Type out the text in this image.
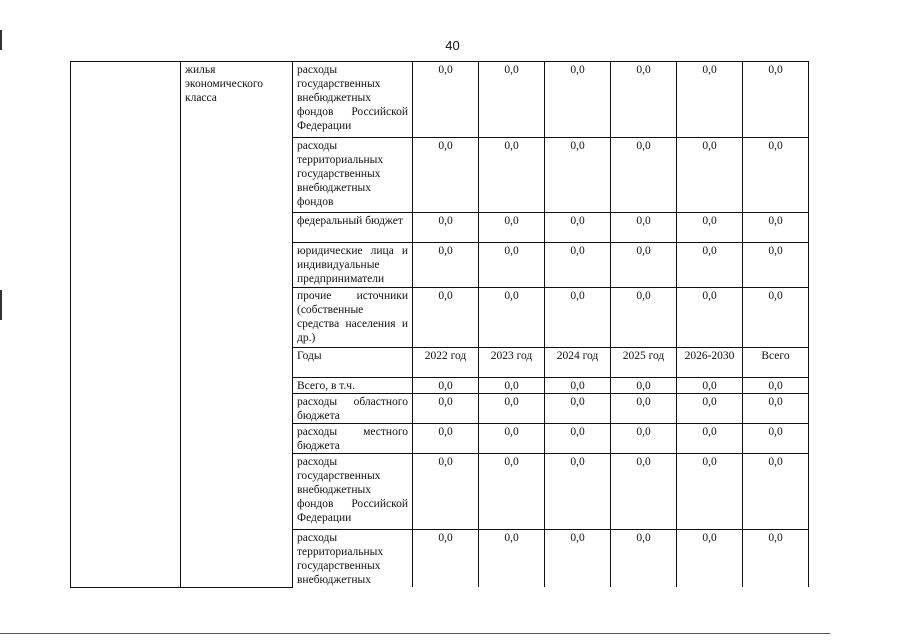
40
	жилья экономического класса	расходы государственных внебюджетных фондов Российской Федерации	0,0	0,0	0,0	0,0	0,0	0,0
		расходы территориальных государственных внебюджетных фондов	0,0	0,0	0,0	0,0	0,0	0,0
		федеральный бюджет	0,0	0,0	0,0	0,0	0,0	0,0
		юридические лица и индивидуальные предприниматели	0,0	0,0	0,0	0,0	0,0	0,0
		прочие источники (собственные средства населения и др.)	0,0	0,0	0,0	0,0	0,0	0,0
		Годы	2022 год	2023 год	2024 год	2025 год	2026-2030	Всего
		Всего, в т.ч.	0,0	0,0	0,0	0,0	0,0	0,0
		расходы областного бюджета	0,0	0,0	0,0	0,0	0,0	0,0
		расходы местного бюджета	0,0	0,0	0,0	0,0	0,0	0,0
		расходы государственных внебюджетных фондов Российской Федерации	0,0	0,0	0,0	0,0	0,0	0,0
		расходы территориальных государственных внебюджетных	0,0	0,0	0,0	0,0	0,0	0,0
